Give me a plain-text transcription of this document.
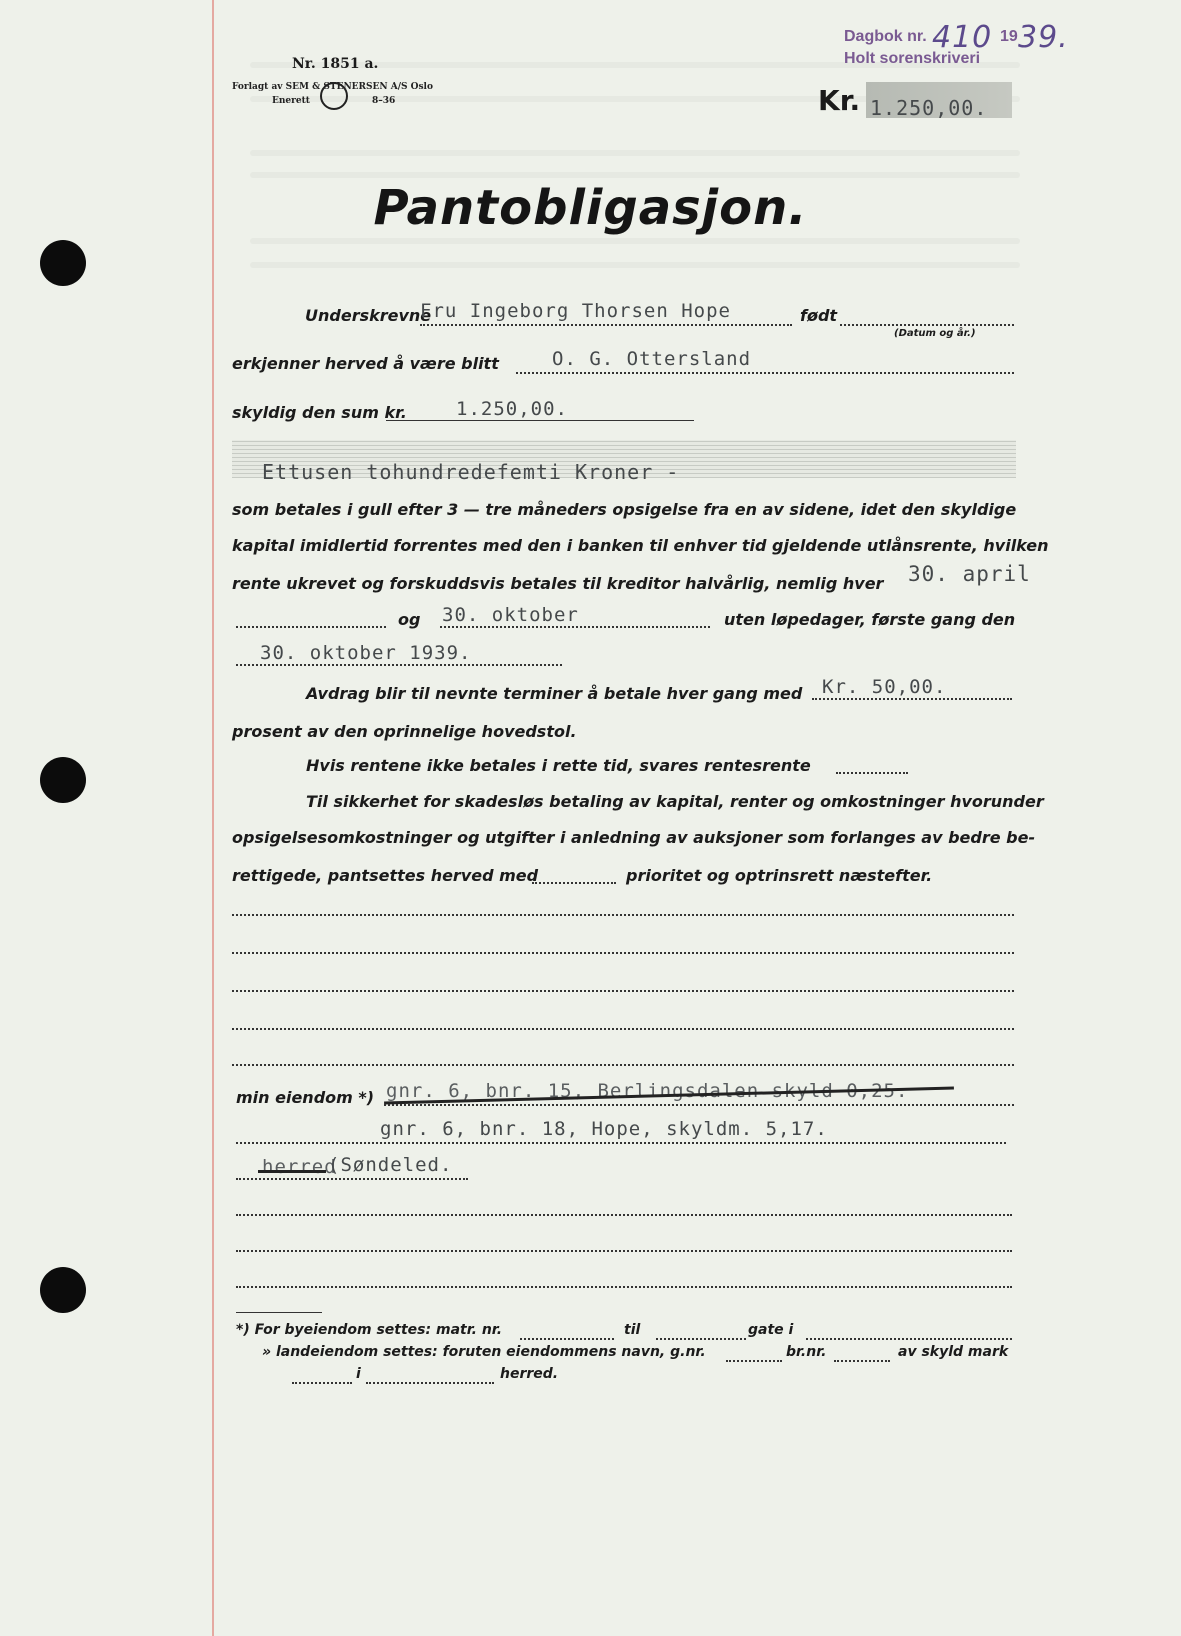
Nr. 1851 a.
Forlagt av SEM & STENERSEN A/S Oslo
Enerett	8–36
Dagbok nr. 410 19 39.
Holt sorenskriveri
Kr. 1.250,00.
Pantobligasjon.
Underskrevne
Fru Ingeborg Thorsen Hope	født
(Datum og år.)
erkjenner herved å være blitt	O. G. Ottersland
skyldig den sum kr.	1.250,00.
Ettusen tohundredefemti Kroner -
som betales i gull efter 3 — tre måneders opsigelse fra en av sidene, idet den skyldige
kapital imidlertid forrentes med den i banken til enhver tid gjeldende utlånsrente, hvilken
rente ukrevet og forskuddsvis betales til kreditor halvårlig, nemlig hver 30. april
og 30. oktober	uten løpedager, første gang den
30. oktober 1939.
Avdrag blir til nevnte terminer å betale hver gang med Kr. 50,00.
prosent av den oprinnelige hovedstol.
Hvis rentene ikke betales i rette tid, svares rentesrente
Til sikkerhet for skadesløs betaling av kapital, renter og omkostninger hvorunder
opsigelsesomkostninger og utgifter i anledning av auksjoner som forlanges av bedre be-
rettigede, pantsettes herved med	prioritet og optrinsrett næstefter.
min eiendom *) gnr. 6, bnr. 15, Berlingsdalen skyld 0,25.
gnr. 6, bnr. 18, Hope, skyldm. 5,17.
herred
(Søndeled.
*) For byeiendom settes: matr. nr.	til	gate i
» landeiendom settes: foruten eiendommens navn, g.nr.	br.nr.	av skyld mark
i	herred.
